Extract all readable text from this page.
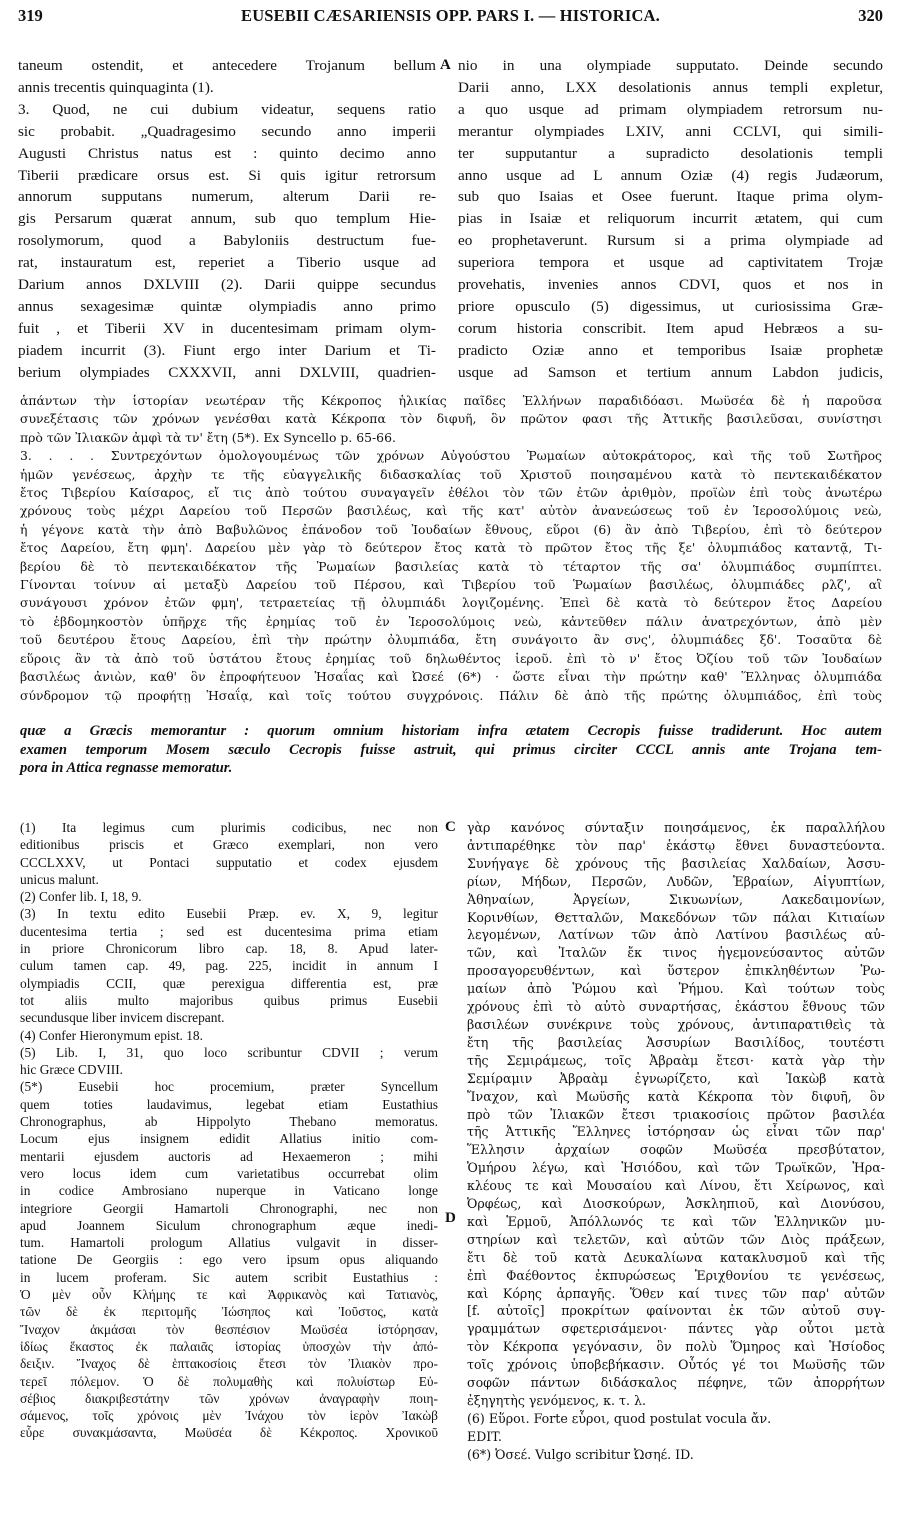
319	EUSEBII CÆSARIENSIS OPP. PARS I. — HISTORICA.	320
taneum ostendit, et antecedere Trojanum bellum
annis trecentis quinquaginta (1).
3. Quod, ne cui dubium videatur, sequens ratio
sic probabit. „Quadragesimo secundo anno imperii
Augusti Christus natus est : quinto decimo anno
Tiberii prædicare orsus est. Si quis igitur retrorsum
annorum supputans numerum, alterum Darii re-
gis Persarum quærat annum, sub quo templum Hie-
rosolymorum, quod a Babyloniis destructum fue-
rat, instauratum est, reperiet a Tiberio usque ad
Darium annos DXLVIII (2). Darii quippe secundus
annus sexagesimæ quintæ olympiadis anno primo
fuit , et Tiberii XV in ducentesimam primam olym-
piadem incurrit (3). Fiunt ergo inter Darium et Ti-
berium olympiades CXXXVII, anni DXLVIII, quadrien-
A nio in una olympiade supputato. Deinde secundo
Darii anno, LXX desolationis annus templi expletur,
a quo usque ad primam olympiadem retrorsum nu-
merantur olympiades LXIV, anni CCLVI, qui simili-
ter supputantur a supradicto desolationis templi
anno usque ad L annum Oziæ (4) regis Judæorum,
sub quo Isaias et Osee fuerunt. Itaque prima olym-
pias in Isaiæ et reliquorum incurrit ætatem, qui cum
eo prophetaverunt. Rursum si a prima olympiade ad
superiora tempora et usque ad captivitatem Trojæ
provehatis, invenies annos CDVI, quos et nos in
priore opusculo (5) digessimus, ut curiosissima Græ-
corum historia conscribit. Item apud Hebræos a su-
pradicto Oziæ anno et temporibus Isaiæ prophetæ
usque ad Samson et tertium annum Labdon judicis,
ἁπάντων τὴν ἱστορίαν νεωτέραν τῆς Κέκροπος ἡλικίας παῖδες Ἑλλήνων παραδιδόασι. Μωϋσέα δὲ ἡ παροῦσα
συνεξέτασις τῶν χρόνων γενέσθαι κατὰ Κέκροπα τὸν διφυῆ, ὃν πρῶτον φασι τῆς Ἀττικῆς βασιλεῦσαι, συνίστησι
πρὸ τῶν Ἰλιακῶν ἀμφὶ τὰ τν' ἔτη (5*). Ex Syncello p. 65-66.
3. . . . Συντρεχόντων ὁμολογουμένως τῶν χρόνων Αὐγούστου Ῥωμαίων αὐτοκράτορος, καὶ τῆς τοῦ Σωτῆρος
ἡμῶν γενέσεως, ἀρχὴν τε τῆς εὐαγγελικῆς διδασκαλίας τοῦ Χριστοῦ ποιησαμένου κατὰ τὸ πεντεκαιδέκατον
ἔτος Τιβερίου Καίσαρος, εἴ τις ἀπὸ τούτου συναγαγεῖν ἐθέλοι τὸν τῶν ἐτῶν ἀριθμὸν, προϊὼν ἐπὶ τοὺς ἀνωτέρω
χρόνους τοὺς μέχρι Δαρείου τοῦ Περσῶν βασιλέως, καὶ τῆς κατ' αὐτὸν ἀνανεώσεως τοῦ ἐν Ἱεροσολύμοις νεὼ,
ἡ γέγονε κατὰ τὴν ἀπὸ Βαβυλῶνος ἐπάνοδον τοῦ Ἰουδαίων ἔθνους, εὕροι (6) ἂν ἀπὸ Τιβερίου, ἐπὶ τὸ δεύτερον
ἔτος Δαρείου, ἔτη φμη'. Δαρείου μὲν γὰρ τὸ δεύτερον ἔτος κατὰ τὸ πρῶτον ἔτος τῆς ξε' ὀλυμπιάδος καταντᾷ, Τι-
βερίου δὲ τὸ πεντεκαιδέκατον τῆς Ῥωμαίων βασιλείας κατὰ τὸ τέταρτον τῆς σα' ὀλυμπιάδος συμπίπτει.
Γίνονται τοίνυν αἱ μεταξὺ Δαρείου τοῦ Πέρσου, καὶ Τιβερίου τοῦ Ῥωμαίων βασιλέως, ὀλυμπιάδες ρλζ', αἳ
συνάγουσι χρόνον ἐτῶν φμη', τετραετείας τῇ ὀλυμπιάδι λογιζομένης. Ἐπεὶ δὲ κατὰ τὸ δεύτερον ἔτος Δαρείου
τὸ ἑβδομηκοστὸν ὑπῆρχε τῆς ἐρημίας τοῦ ἐν Ἱεροσολύμοις νεὼ, κἀντεῦθεν πάλιν ἀνατρεχόντων, ἀπὸ μὲν
τοῦ δευτέρου ἔτους Δαρείου, ἐπὶ τὴν πρώτην ὀλυμπιάδα, ἔτη συνάγοιτο ἂν σνς', ὀλυμπιάδες ξδ'. Τοσαῦτα δὲ
εὕροις ἂν τὰ ἀπὸ τοῦ ὑστάτου ἔτους ἐρημίας τοῦ δηλωθέντος ἱεροῦ. ἐπὶ τὸ ν' ἔτος Ὀζίου τοῦ τῶν Ἰουδαίων
βασιλέως ἀνιὼν, καθ' ὃν ἐπροφήτευον Ἡσαΐας καὶ Ὠσεέ (6*) · ὥστε εἶναι τὴν πρώτην καθ' Ἕλληνας ὀλυμπιάδα
σύνδρομον τῷ προφήτῃ Ἡσαΐᾳ, καὶ τοῖς τούτου συγχρόνοις. Πάλιν δὲ ἀπὸ τῆς πρώτης ὀλυμπιάδος, ἐπὶ τοὺς
quæ a Græcis memorantur : quorum omnium historiam infra ætatem Cecropis fuisse tradiderunt. Hoc autem
examen temporum Mosem sæculo Cecropis fuisse astruit, qui primus circiter CCCL annis ante Trojana tem-
pora in Attica regnasse memoratur.
(1) Ita legimus cum plurimis codicibus, nec non
editionibus priscis et Græco exemplari, non vero
CCCLXXV, ut Pontaci supputatio et codex ejusdem
unicus malunt.
(2) Confer lib. I, 18, 9.
(3) In textu edito Eusebii Præp. ev. X, 9, legitur
ducentesima tertia ; sed est ducentesima prima etiam
in priore Chronicorum libro cap. 18, 8. Apud later-
culum tamen cap. 49, pag. 225, incidit in annum I
olympiadis CCII, quæ perexigua differentia est, præ
tot aliis multo majoribus quibus primus Eusebii
secundusque liber invicem discrepant.
(4) Confer Hieronymum epist. 18.
(5) Lib. I, 31, quo loco scribuntur CDVII ; verum
hic Græce CDVIII.
(5*) Eusebii hoc procemium, præter Syncellum
quem toties laudavimus, legebat etiam Eustathius
Chronographus, ab Hippolyto Thebano memoratus.
Locum ejus insignem edidit Allatius initio com-
mentarii ejusdem auctoris ad Hexaemeron ; mihi
vero locus idem cum varietatibus occurrebat olim
in codice Ambrosiano nuperque in Vaticano longe
integriore Georgii Hamartoli Chronographi, nec non
apud Joannem Siculum chronographum æque inedi-
tum. Hamartoli prologum Allatius vulgavit in disser-
tatione De Georgiis : ego vero ipsum opus aliquando
in lucem proferam. Sic autem scribit Eustathius :
Ὁ μὲν οὖν Κλήμης τε καὶ Ἀφρικανὸς καὶ Τατιανὸς,
τῶν δὲ ἐκ περιτομῆς Ἰώσηπος καὶ Ἰοῦστος, κατὰ
Ἴναχον ἀκμάσαι τὸν θεσπέσιον Μωϋσέα ἱστόρησαν,
ἰδίως ἕκαστος ἐκ παλαιᾶς ἱστορίας ὑποσχὼν τὴν ἀπό-
δειξιν. Ἴναχος δὲ ἑπτακοσίοις ἔτεσι τὸν Ἰλιακὸν προ-
τερεῖ πόλεμον. Ὁ δὲ πολυμαθὴς καὶ πολυίστωρ Εὐ-
σέβιος διακριβεστάτην τῶν χρόνων ἀναγραφὴν ποιη-
σάμενος, τοῖς χρόνοις μὲν Ἰνάχου τὸν ἱερὸν Ἰακὼβ
εὗρε συνακμάσαντα, Μωϋσέα δὲ Κέκροπος. Χρονικοῦ
C
D
γὰρ κανόνος σύνταξιν ποιησάμενος, ἐκ παραλλήλου
ἀντιπαρέθηκε τὸν παρ' ἑκάστῳ ἔθνει δυναστεύοντα.
Συνήγαγε δὲ χρόνους τῆς βασιλείας Χαλδαίων, Ἀσσυ-
ρίων, Μήδων, Περσῶν, Λυδῶν, Ἑβραίων, Αἰγυπτίων,
Ἀθηναίων, Ἀργείων, Σικυωνίων, Λακεδαιμονίων,
Κορινθίων, Θετταλῶν, Μακεδόνων τῶν πάλαι Κιτιαίων
λεγομένων, Λατίνων τῶν ἀπὸ Λατίνου βασιλέως αὐ-
τῶν, καὶ Ἰταλῶν ἔκ τινος ἡγεμονεύσαντος αὐτῶν
προσαγορευθέντων, καὶ ὕστερον ἐπικληθέντων Ῥω-
μαίων ἀπὸ Ῥώμου καὶ Ῥήμου. Καὶ τούτων τοὺς
χρόνους ἐπὶ τὸ αὐτὸ συναρτήσας, ἑκάστου ἔθνους τῶν
βασιλέων συνέκρινε τοὺς χρόνους, ἀντιπαρατιθεὶς τὰ
ἔτη τῆς βασιλείας Ἀσσυρίων Βασιλίδος, τουτέστι
τῆς Σεμιράμεως, τοῖς Ἀβραὰμ ἔτεσι· κατὰ γὰρ τὴν
Σεμίραμιν Ἀβραὰμ ἐγνωρίζετο, καὶ Ἰακὼβ κατὰ
Ἴναχον, καὶ Μωϋσῆς κατὰ Κέκροπα τὸν διφυῆ, ὃν
πρὸ τῶν Ἰλιακῶν ἔτεσι τριακοσίοις πρῶτον βασιλέα
τῆς Ἀττικῆς Ἕλληνες ἱστόρησαν ὡς εἶναι τῶν παρ'
Ἕλλησιν ἀρχαίων σοφῶν Μωϋσέα πρεσβύτατον,
Ὁμήρου λέγω, καὶ Ἡσιόδου, καὶ τῶν Τρωϊκῶν, Ἡρα-
κλέους τε καὶ Μουσαίου καὶ Λίνου, ἔτι Χείρωνος, καὶ
Ὀρφέως, καὶ Διοσκούρων, Ἀσκληπιοῦ, καὶ Διονύσου,
καὶ Ἑρμοῦ, Ἀπόλλωνός τε καὶ τῶν Ἑλληνικῶν μυ-
στηρίων καὶ τελετῶν, καὶ αὐτῶν τῶν Διὸς πράξεων,
ἔτι δὲ τοῦ κατὰ Δευκαλίωνα κατακλυσμοῦ καὶ τῆς
ἐπὶ Φαέθοντος ἐκπυρώσεως Ἐριχθονίου τε γενέσεως,
καὶ Κόρης ἁρπαγῆς. Ὅθεν καί τινες τῶν παρ' αὐτῶν
[f. αὐτοῖς] προκρίτων φαίνονται ἐκ τῶν αὐτοῦ συγ-
γραμμάτων σφετερισάμενοι· πάντες γὰρ οὗτοι μετὰ
τὸν Κέκροπα γεγόνασιν, ὃν πολὺ Ὅμηρος καὶ Ἡσίοδος
τοῖς χρόνοις ὑποβεβήκασιν. Οὗτός γέ τοι Μωϋσῆς τῶν
σοφῶν πάντων διδάσκαλος πέφηνε, τῶν ἀπορρήτων
ἐξηγητὴς γενόμενος, κ. τ. λ.
(6) Εὕροι. Forte εὗροι, quod postulat vocula ἄν.
EDIT.
(6*) Ὀσεέ. Vulgo scribitur Ὠσηέ. ID.
